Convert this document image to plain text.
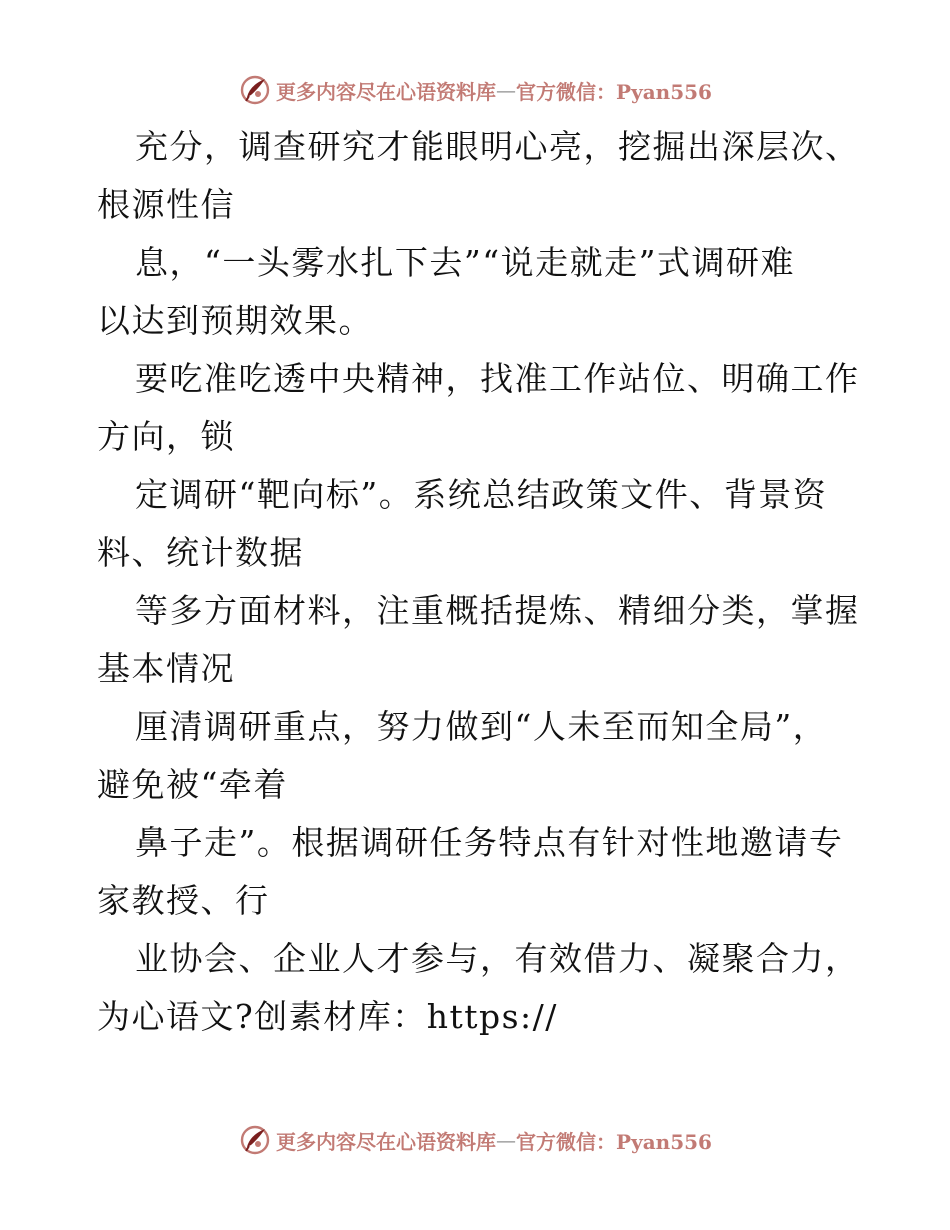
更多内容尽在心语资料库 — 官方微信：Pyan556
充分，调查研究才能眼明心亮，挖掘出深层次、
根源性信
息，“一头雾水扎下去”“说走就走”式调研难
以达到预期效果。
要吃准吃透中央精神，找准工作站位、明确工作
方向，锁
定调研“靶向标”。系统总结政策文件、背景资
料、统计数据
等多方面材料，注重概括提炼、精细分类，掌握
基本情况
厘清调研重点，努力做到“人未至而知全局”，
避免被“牵着
鼻子走”。根据调研任务特点有针对性地邀请专
家教授、行
业协会、企业人才参与，有效借力、凝聚合力，
为心语文?创素材库：https://
更多内容尽在心语资料库 — 官方微信：Pyan556
